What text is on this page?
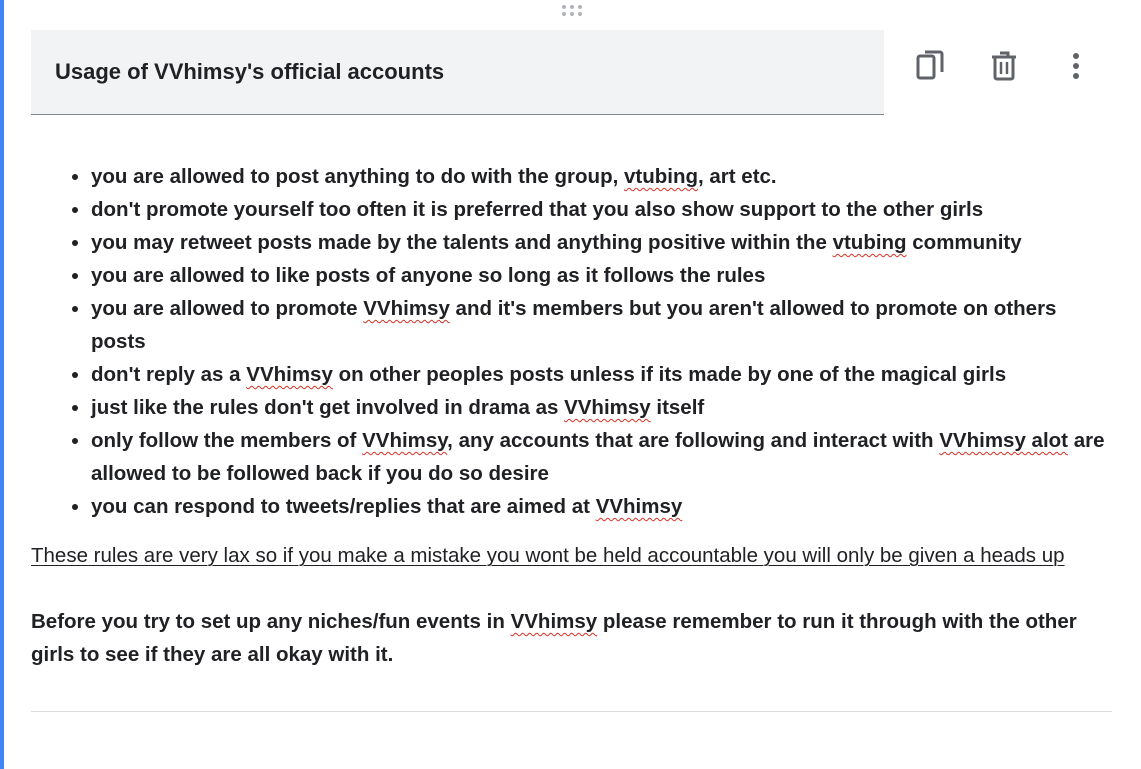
Usage of VVhimsy's official accounts
• you are allowed to post anything to do with the group, vtubing, art etc.
• don't promote yourself too often it is preferred that you also show support to the other girls
• you may retweet posts made by the talents and anything positive within the vtubing community
• you are allowed to like posts of anyone so long as it follows the rules
• you are allowed to promote VVhimsy and it's members but you aren't allowed to promote on others posts
• don't reply as a VVhimsy on other peoples posts unless if its made by one of the magical girls
• just like the rules don't get involved in drama as VVhimsy itself
• only follow the members of VVhimsy, any accounts that are following and interact with VVhimsy alot are allowed to be followed back if you do so desire
• you can respond to tweets/replies that are aimed at VVhimsy
These rules are very lax so if you make a mistake you wont be held accountable you will only be given a heads up
Before you try to set up any niches/fun events in VVhimsy please remember to run it through with the other girls to see if they are all okay with it.
